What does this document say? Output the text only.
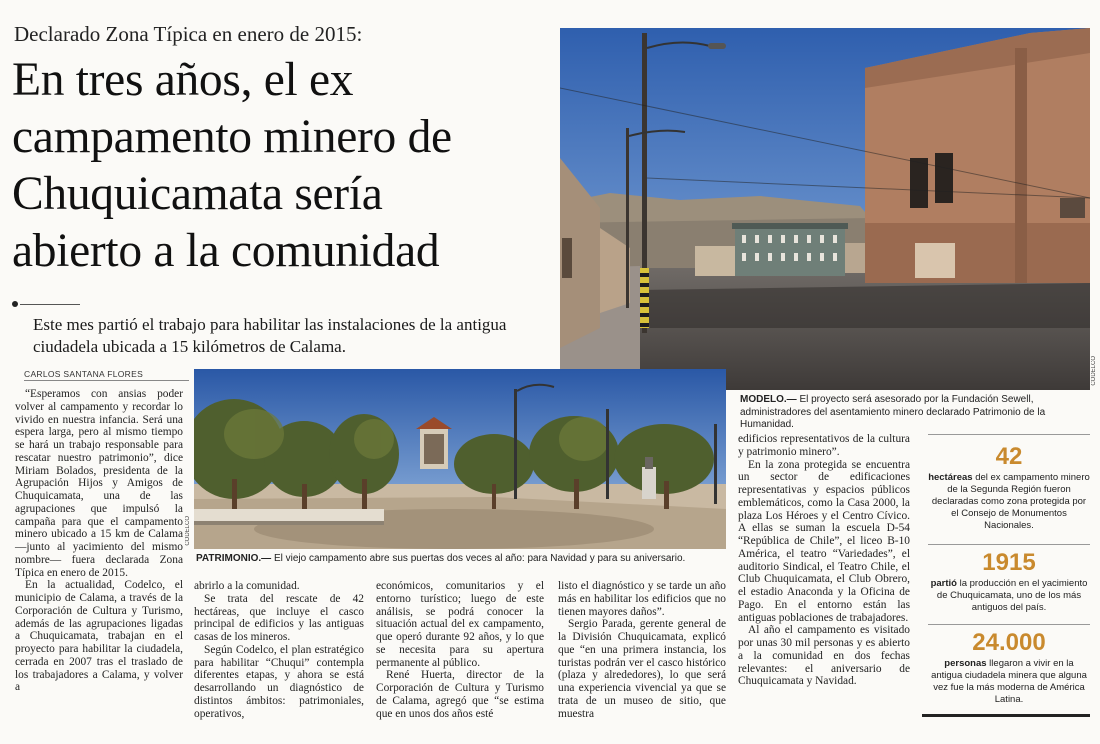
Declarado Zona Típica en enero de 2015:
En tres años, el ex
campamento minero de
Chuquicamata sería
abierto a la comunidad
Este mes partió el trabajo para habilitar las instalaciones de la antigua ciudadela ubicada a 15 kilómetros de Calama.
CARLOS SANTANA FLORES

“Esperamos con ansias poder volver al campamento y recordar lo vivido en nuestra infancia. Será una espera larga, pero al mismo tiempo se hará un trabajo responsable para rescatar nuestro patrimonio”, dice Miriam Bolados, presidenta de la Agrupación Hijos y Amigos de Chuquicamata, una de las agrupaciones que impulsó la campaña para que el campamento minero ubicado a 15 km de Calama —junto al yacimiento del mismo nombre— fuera declarada Zona Típica en enero de 2015.

En la actualidad, Codelco, el municipio de Calama, a través de la Corporación de Cultura y Turismo, además de las agrupaciones ligadas a Chuquicamata, trabajan en el proyecto para habilitar la ciudadela, cerrada en 2007 tras el traslado de los trabajadores a Calama, y volver a

abrirlo a la comunidad.

Se trata del rescate de 42 hectáreas, que incluye el casco principal de edificios y las antiguas casas de los mineros.

Según Codelco, el plan estratégico para habilitar “Chuqui” contempla diferentes etapas, y ahora se está desarrollando un diagnóstico de distintos ámbitos: patrimoniales, operativos,

económicos, comunitarios y el entorno turístico; luego de este análisis, se podrá conocer la situación actual del ex campamento, que operó durante 92 años, y lo que se necesita para su apertura permanente al público.

René Huerta, director de la Corporación de Cultura y Turismo de Calama, agregó que “se estima que en unos dos años esté

listo el diagnóstico y se tarde un año más en habilitar los edificios que no tienen mayores daños”.

Sergio Parada, gerente general de la División Chuquicamata, explicó que “en una primera instancia, los turistas podrán ver el casco histórico (plaza y alrededores), lo que será una experiencia vivencial ya que se trata de un museo de sitio, que muestra

edificios representativos de la cultura y patrimonio minero”.

En la zona protegida se encuentra un sector de edificaciones representativas y espacios públicos emblemáticos, como la Casa 2000, la plaza Los Héroes y el Centro Cívico. A ellas se suman la escuela D-54 “República de Chile”, el liceo B-10 América, el teatro “Variedades”, el auditorio Sindical, el Teatro Chile, el Club Chuquicamata, el Club Obrero, el estadio Anaconda y la Oficina de Pago. En el entorno están las antiguas poblaciones de trabajadores.

Al año el campamento es visitado por unas 30 mil personas y es abierto a la comunidad en dos fechas relevantes: el aniversario de Chuquicamata y Navidad.

CODELCO
MODELO.— El proyecto será asesorado por la Fundación Sewell, administradores del asentamiento minero declarado Patrimonio de la Humanidad.
CODELCO
PATRIMONIO.— El viejo campamento abre sus puertas dos veces al año: para Navidad y para su aniversario.
42
hectáreas del ex campamento minero de la Segunda Región fueron declaradas como zona protegida por el Consejo de Monumentos Nacionales.
1915
partió la producción en el yacimiento de Chuquicamata, uno de los más antiguos del país.
24.000
personas llegaron a vivir en la antigua ciudadela minera que alguna vez fue la más moderna de América Latina.
